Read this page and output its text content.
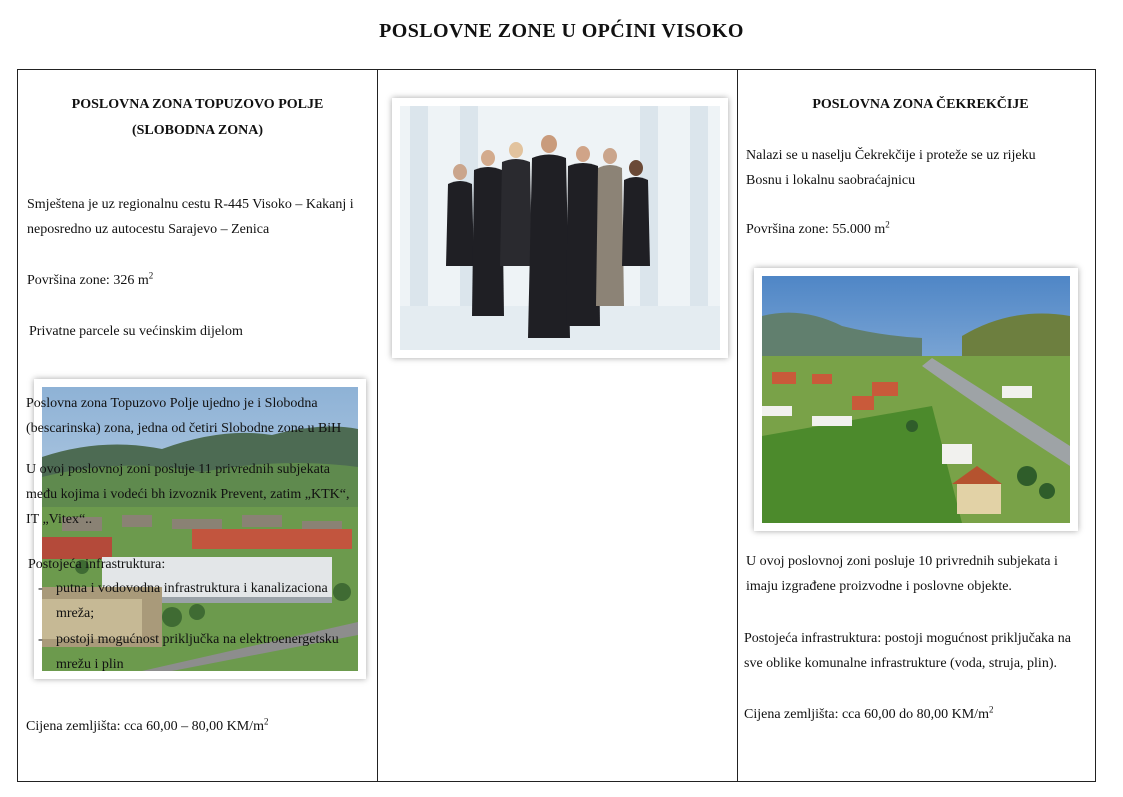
POSLOVNE ZONE U OPĆINI VISOKO
POSLOVNA ZONA TOPUZOVO POLJE
(SLOBODNA ZONA)
Smještena je uz regionalnu cestu R-445 Visoko – Kakanj i
neposredno uz autocestu Sarajevo – Zenica
Površina zone: 326 $m^2$
Privatne parcele su većinskim dijelom
Poslovna zona Topuzovo Polje ujedno je i Slobodna
(bescarinska) zona, jedna od četiri Slobodne zone u BiH
U ovoj poslovnoj zoni posluje 11 privrednih subjekata
među kojima i vodeći bh izvoznik Prevent, zatim „KTK“,
IT „Vitex“..
Postojeća infrastruktura:
- putna i vodovodna infrastruktura i kanalizaciona
mreža;
- postoji mogućnost priključka na elektroenergetsku
mrežu i plin
Cijena zemljišta: cca 60,00 – 80,00 $KM/m^2$
POSLOVNA ZONA ČEKREKČIJE
Nalazi se u naselju Čekrekčije i proteže se uz rijeku
Bosnu i lokalnu saobraćajnicu
Površina zone: 55.000 $m^2$
U ovoj poslovnoj zoni posluje 10 privrednih subjekata i
imaju izgrađene proizvodne i poslovne objekte.
Postojeća infrastruktura: postoji mogućnost priključaka na
sve oblike komunalne infrastrukture (voda, struja, plin).
Cijena zemljišta: cca 60,00 do 80,00 $KM/m^2$
